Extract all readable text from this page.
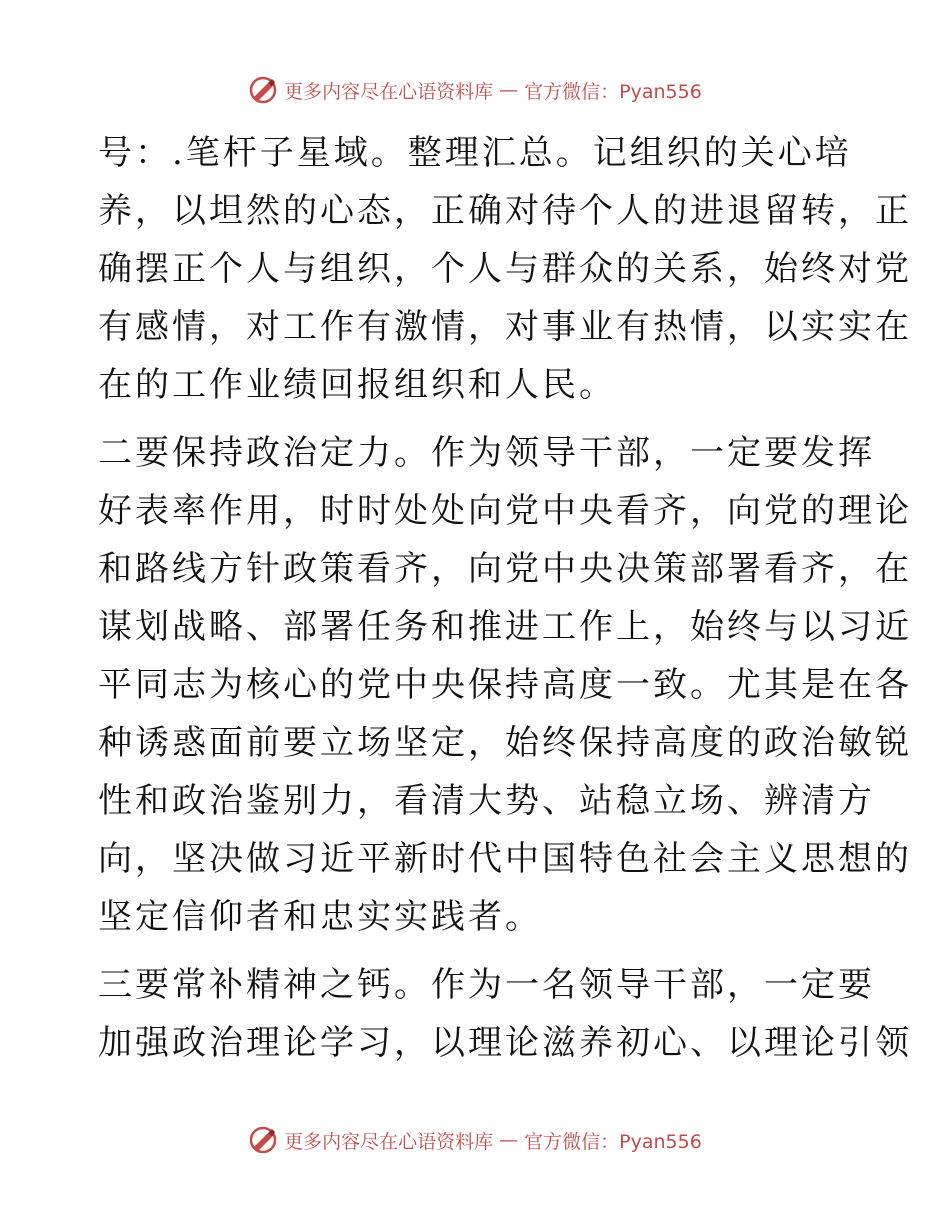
更多内容尽在心语资料库 — 官方微信：Pyan556
号：.笔杆子星域。整理汇总。记组织的关心培
养，以坦然的心态，正确对待个人的进退留转，正
确摆正个人与组织，个人与群众的关系，始终对党
有感情，对工作有激情，对事业有热情，以实实在
在的工作业绩回报组织和人民。
二要保持政治定力。作为领导干部，一定要发挥
好表率作用，时时处处向党中央看齐，向党的理论
和路线方针政策看齐，向党中央决策部署看齐，在
谋划战略、部署任务和推进工作上，始终与以习近
平同志为核心的党中央保持高度一致。尤其是在各
种诱惑面前要立场坚定，始终保持高度的政治敏锐
性和政治鉴别力，看清大势、站稳立场、辨清方
向，坚决做习近平新时代中国特色社会主义思想的
坚定信仰者和忠实实践者。
三要常补精神之钙。作为一名领导干部，一定要
加强政治理论学习，以理论滋养初心、以理论引领
更多内容尽在心语资料库 — 官方微信：Pyan556
